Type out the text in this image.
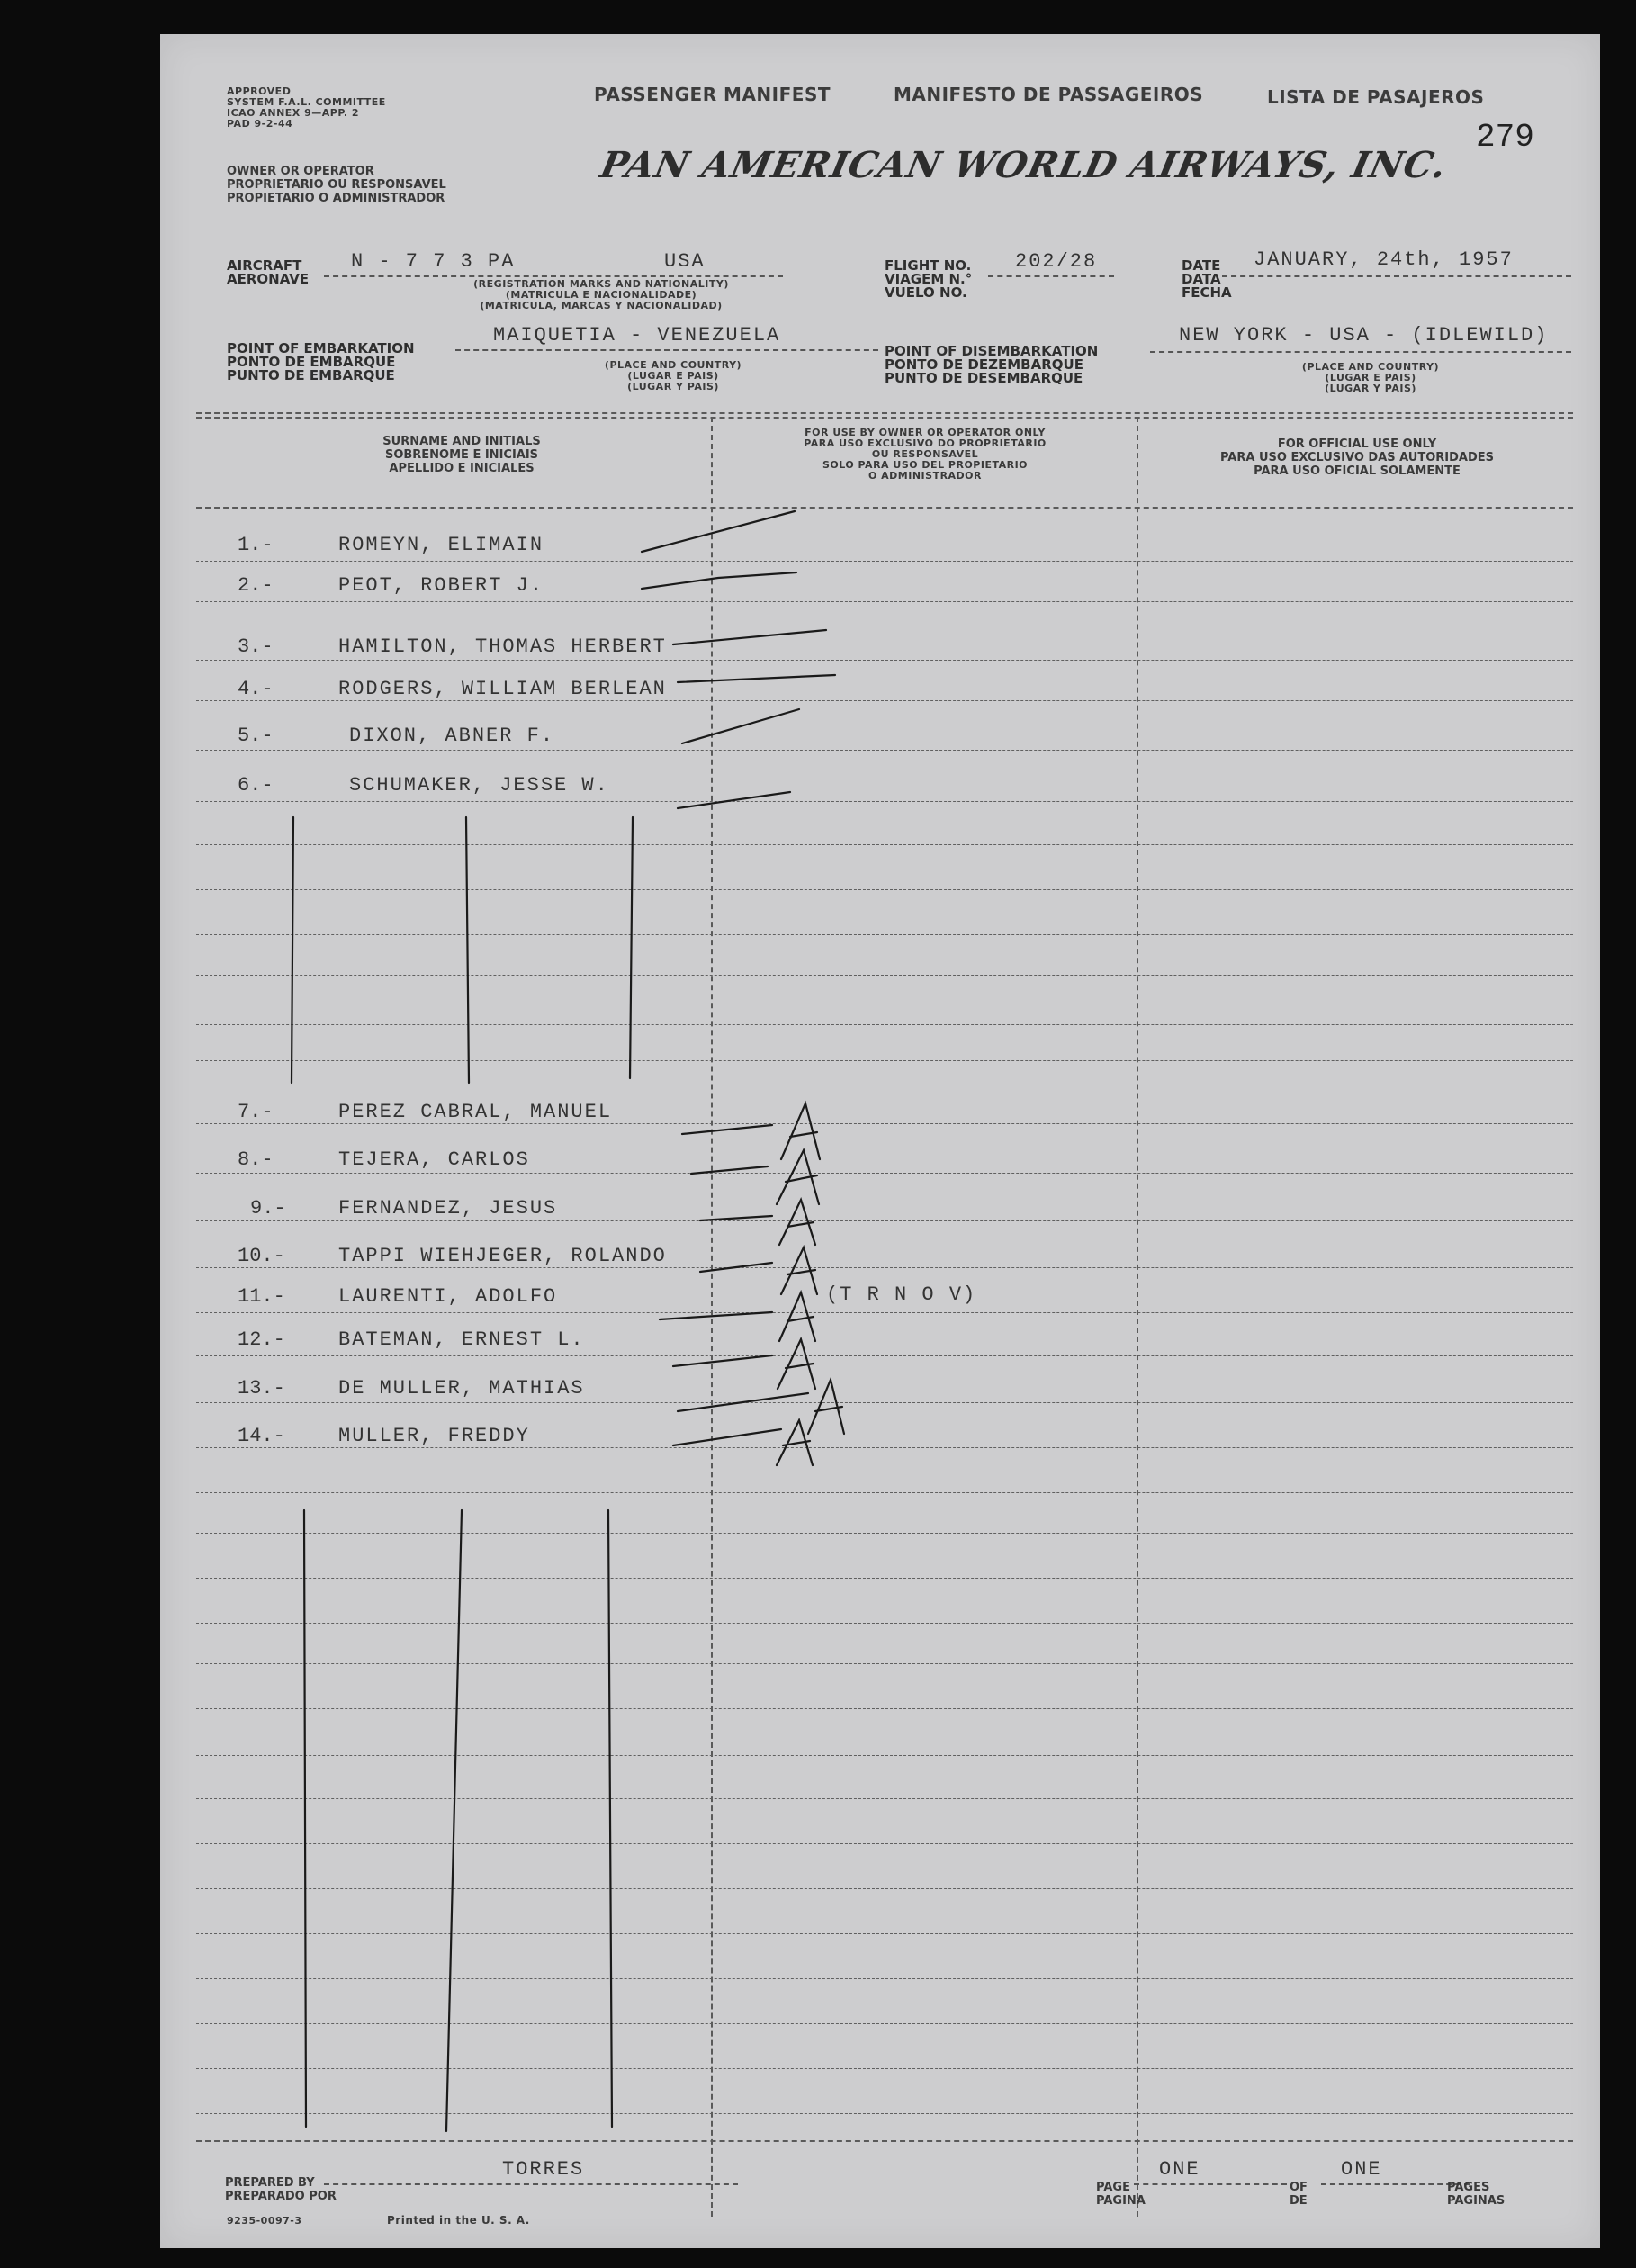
APPROVED
SYSTEM F.A.L. COMMITTEE
ICAO ANNEX 9—APP. 2
PAD 9-2-44
PASSENGER MANIFEST	MANIFESTO DE PASSAGEIROS	LISTA DE PASAJEROS
279
OWNER OR OPERATOR
PROPRIETARIO OU RESPONSAVEL
PROPIETARIO O ADMINISTRADOR
PAN AMERICAN WORLD AIRWAYS, INC.
AIRCRAFT
AERONAVE
N - 7 7 3 PA	USA
(REGISTRATION MARKS AND NATIONALITY)
(MATRICULA E NACIONALIDADE)
(MATRICULA, MARCAS Y NACIONALIDAD)
FLIGHT NO.
VIAGEM N.°
VUELO NO.
202/28	DATE
DATA
FECHA
JANUARY, 24th, 1957
POINT OF EMBARKATION
PONTO DE EMBARQUE
PUNTO DE EMBARQUE
MAIQUETIA - VENEZUELA
(PLACE AND COUNTRY)
(LUGAR E PAIS)
(LUGAR Y PAIS)
POINT OF DISEMBARKATION
PONTO DE DEZEMBARQUE
PUNTO DE DESEMBARQUE
NEW YORK - USA - (IDLEWILD)
(PLACE AND COUNTRY)
(LUGAR E PAIS)
(LUGAR Y PAIS)
SURNAME AND INITIALS
SOBRENOME E INICIAIS
APELLIDO E INICIALES
FOR USE BY OWNER OR OPERATOR ONLY
PARA USO EXCLUSIVO DO PROPRIETARIO
OU RESPONSAVEL
SOLO PARA USO DEL PROPIETARIO
O ADMINISTRADOR
FOR OFFICIAL USE ONLY
PARA USO EXCLUSIVO DAS AUTORIDADES
PARA USO OFICIAL SOLAMENTE
1.-	ROMEYN, ELIMAIN
2.-	PEOT, ROBERT J.
3.-	HAMILTON, THOMAS HERBERT
4.-	RODGERS, WILLIAM BERLEAN
5.-	DIXON, ABNER F.
6.-	SCHUMAKER, JESSE W.
7.-	PEREZ CABRAL, MANUEL
8.-	TEJERA, CARLOS
9.-	FERNANDEZ, JESUS
10.-	TAPPI WIEHJEGER, ROLANDO
11.-	LAURENTI, ADOLFO	(T R N O V)
12.-	BATEMAN, ERNEST L.
13.-	DE MULLER, MATHIAS
14.-	MULLER, FREDDY
PREPARED BY
PREPARADO POR
TORRES
9235-0097-3	Printed in the U. S. A.
PAGE
PAGINA
ONE
OF
DE
ONE
PAGES
PAGINAS
